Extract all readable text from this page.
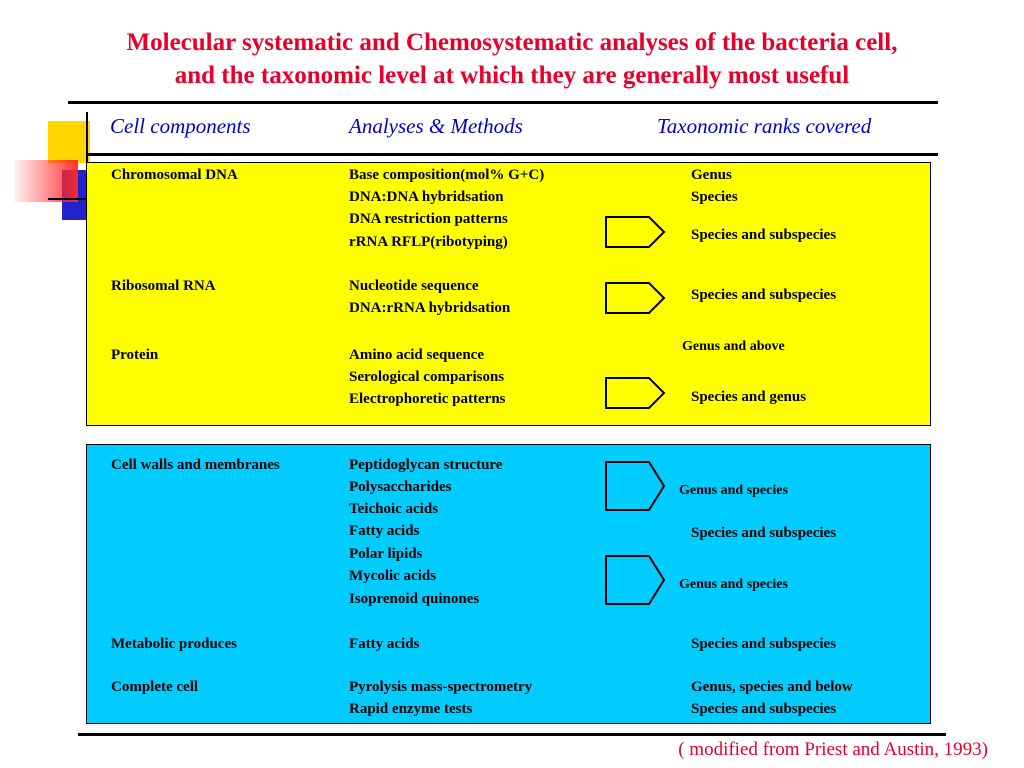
Molecular systematic and Chemosystematic analyses of the bacteria cell,
and the taxonomic level at which they are generally most useful
Cell components	Analyses & Methods	Taxonomic ranks covered
Chromosomal DNA
Ribosomal RNA
Protein
Base composition(mol% G+C)
DNA:DNA hybridsation
DNA restriction patterns
rRNA RFLP(ribotyping)
Nucleotide sequence
DNA:rRNA hybridsation
Amino acid sequence
Serological comparisons
Electrophoretic patterns
Genus
Species
Species and subspecies
Species and subspecies
Genus and above
Species and genus
Cell walls and membranes
Metabolic produces
Complete cell
Peptidoglycan structure
Polysaccharides
Teichoic acids
Fatty acids
Polar lipids
Mycolic acids
Isoprenoid quinones
Fatty acids
Pyrolysis mass-spectrometry
Rapid enzyme tests
Genus and species
Species and subspecies
Genus and species
Species and subspecies
Genus, species and below
Species and subspecies
( modified from Priest and Austin, 1993)
